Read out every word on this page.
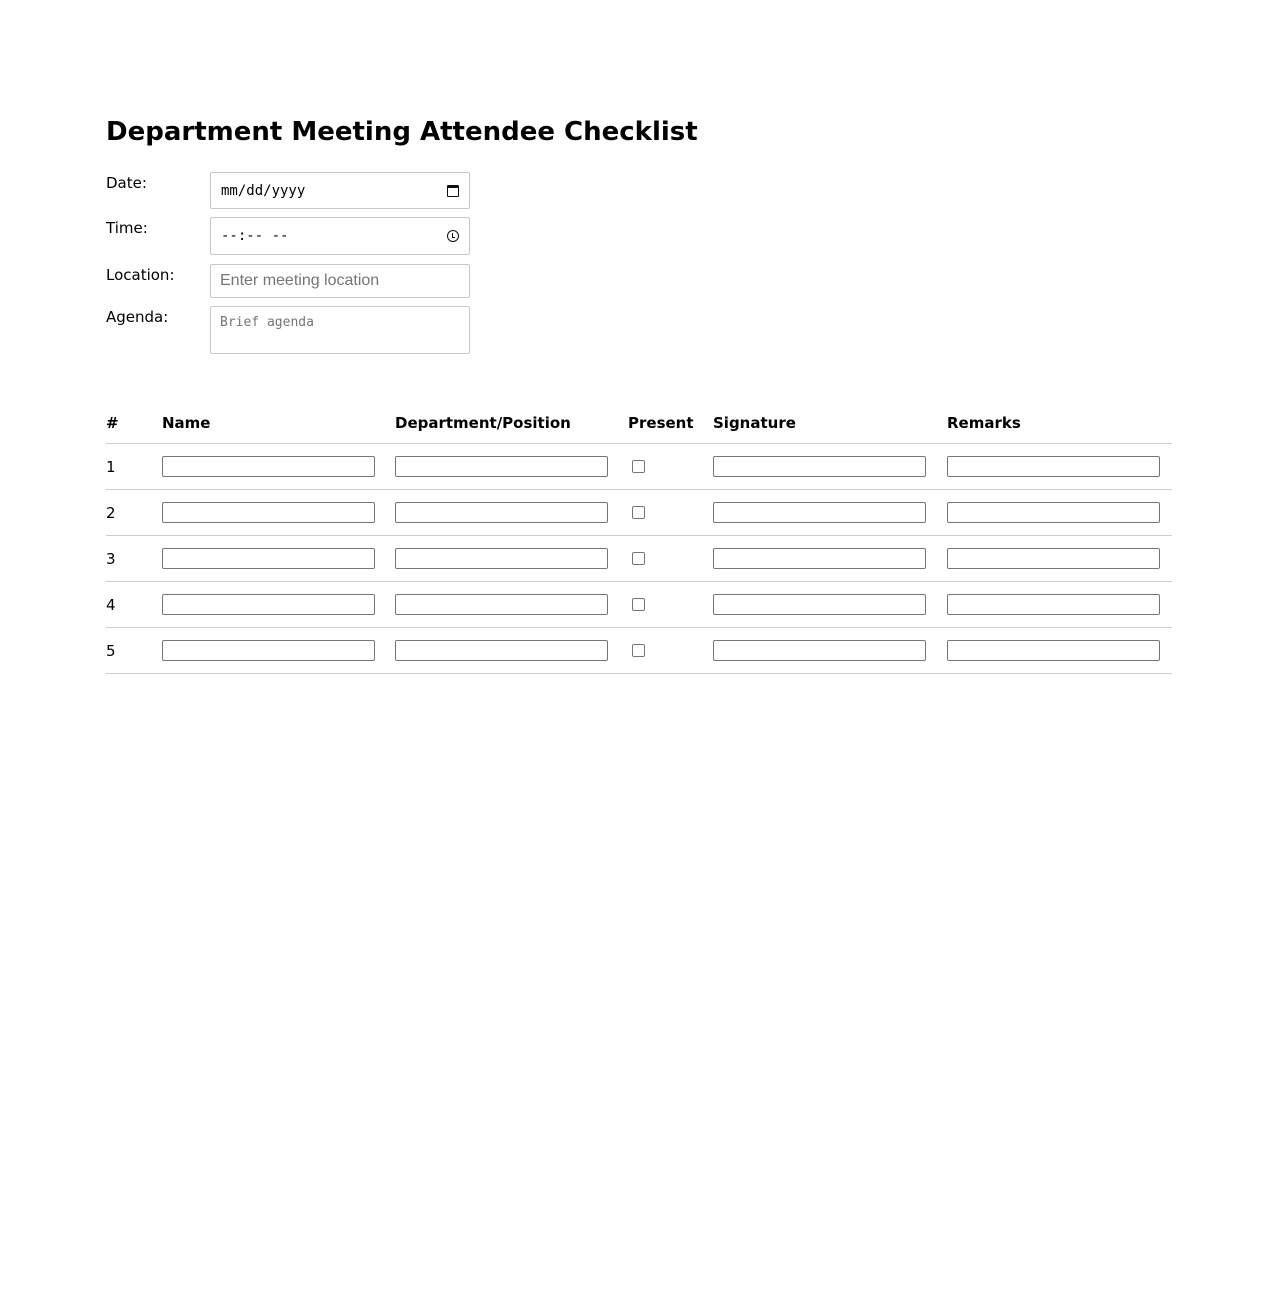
Department Meeting Attendee Checklist
Date:	mm/dd/yyyy
Time:	--:-- --
Location:	Enter meeting location
Agenda:	Brief agenda
#	Name	Department/Position	Present	Signature	Remarks
1	

2	

3	

4	

5	
